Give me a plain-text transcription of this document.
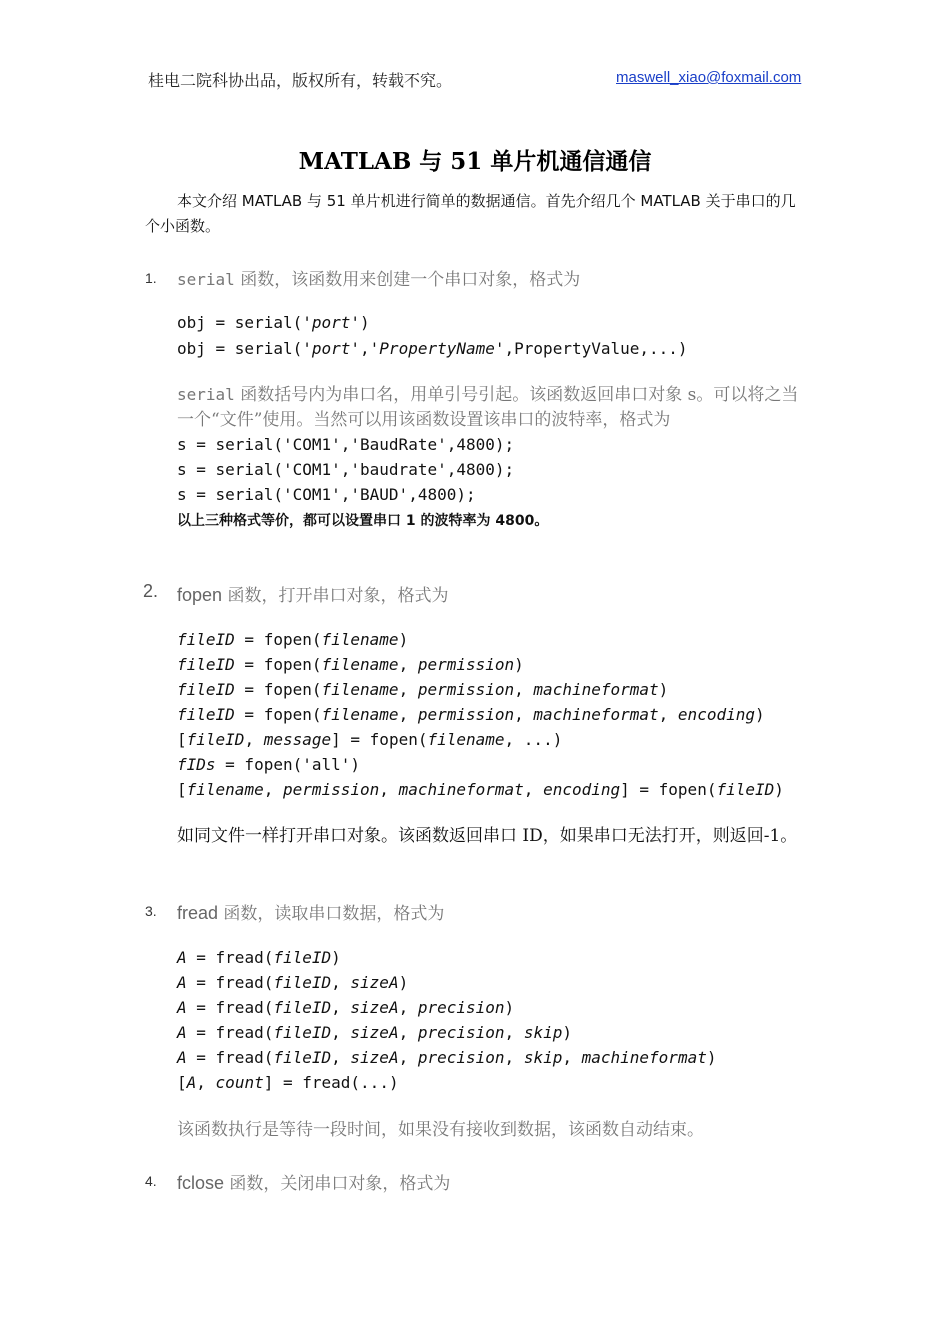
桂电二院科协出品，版权所有，转载不究。	maswell_xiao@foxmail.com
MATLAB 与 51 单片机通信通信
本文介绍 MATLAB 与 51 单片机进行简单的数据通信。首先介绍几个 MATLAB 关于串口的几个小函数。
1. serial 函数，该函数用来创建一个串口对象，格式为
obj = serial('port')
obj = serial('port','PropertyName',PropertyValue,...)
serial 函数括号内为串口名，用单引号引起。该函数返回串口对象 s。可以将之当一个“文件”使用。当然可以用该函数设置该串口的波特率，格式为
s = serial('COM1','BaudRate',4800);
s = serial('COM1','baudrate',4800);
s = serial('COM1','BAUD',4800);
以上三种格式等价，都可以设置串口 1 的波特率为 4800。
2. fopen 函数，打开串口对象，格式为
fileID = fopen(filename)
fileID = fopen(filename, permission)
fileID = fopen(filename, permission, machineformat)
fileID = fopen(filename, permission, machineformat, encoding)
[fileID, message] = fopen(filename, ...)
fIDs = fopen('all')
[filename, permission, machineformat, encoding] = fopen(fileID)
如同文件一样打开串口对象。该函数返回串口 ID，如果串口无法打开，则返回-1。
3. fread 函数，读取串口数据，格式为
A = fread(fileID)
A = fread(fileID, sizeA)
A = fread(fileID, sizeA, precision)
A = fread(fileID, sizeA, precision, skip)
A = fread(fileID, sizeA, precision, skip, machineformat)
[A, count] = fread(...)
该函数执行是等待一段时间，如果没有接收到数据，该函数自动结束。
4. fclose 函数，关闭串口对象，格式为
